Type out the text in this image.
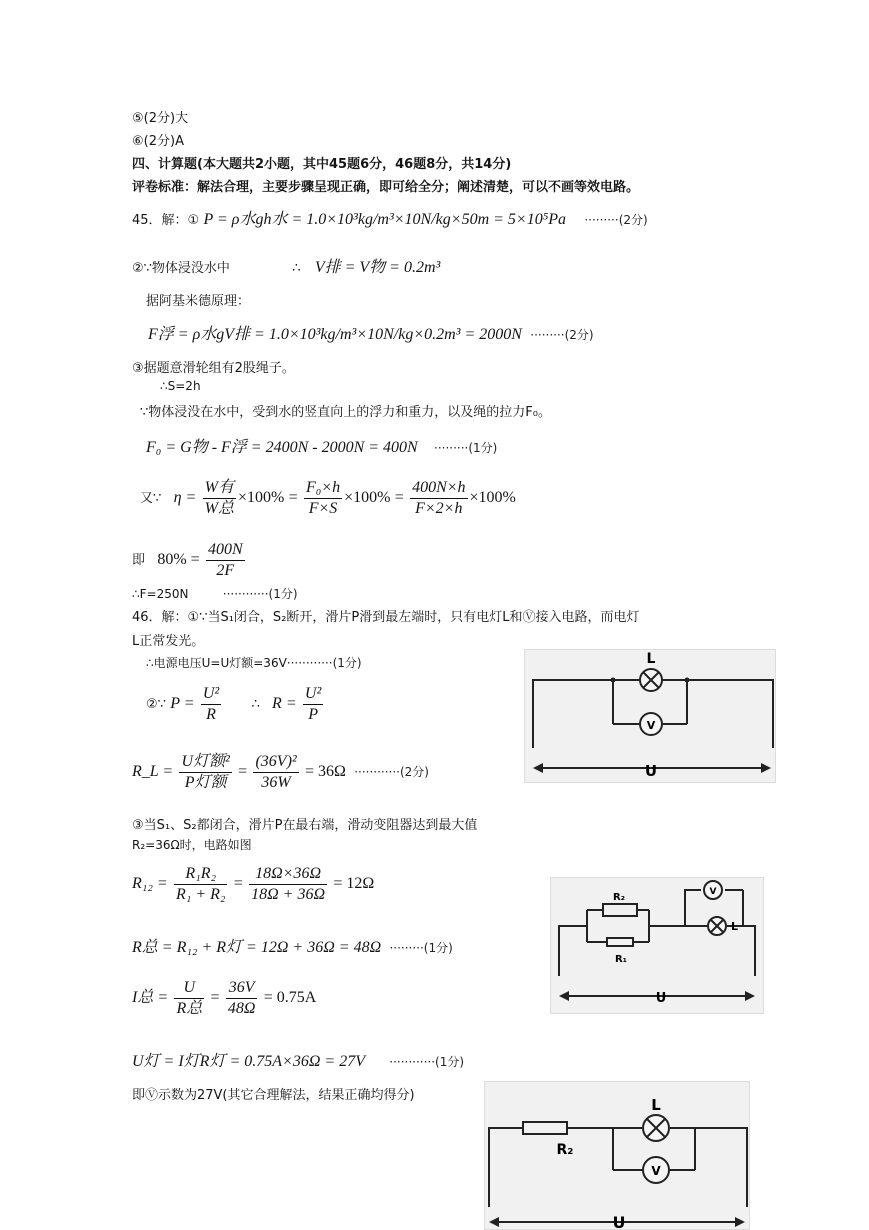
⑤(2分)大
⑥(2分)A
四、计算题(本大题共2小题，其中45题6分，46题8分，共14分)
评卷标准：解法合理，主要步骤呈现正确，即可给全分；阐述清楚，可以不画等效电路。
45．解：① P = ρ水gh水 = 1.0×10³kg/m³×10N/kg×50m = 5×10⁵Pa ·········(2分)
②∵物体浸没水中	∴ V排 = V物 = 0.2m³
据阿基米德原理：
F浮 = ρ水gV排 = 1.0×10³kg/m³×10N/kg×0.2m³ = 2000N ·········(2分)
③据题意滑轮组有2股绳子。
∴S=2h
∵物体浸没在水中，受到水的竖直向上的浮力和重力，以及绳的拉力F₀。
F₀ = G物 - F浮 = 2400N - 2000N = 400N ·········(1分)
又∵ $\eta = \frac{\text{W有}}{\text{W总}} \times 100\% = \frac{\text{F₀×h}}{F\times S} \times 100\% = \frac{400N\times h}{F\times 2\times h} \times 100\%$
即 $80\% = \frac{400N}{2F}$
∴F=250N	············(1分)
46．解：①∵当S₁闭合，S₂断开，滑片P滑到最左端时，只有电灯L和Ⓥ接入电路，而电灯
L正常发光。
∴电源电压U=U灯额=36V············(1分)
②∵ $P = \frac{\text{U²}}{R}$ ∴ $R = \frac{\text{U²}}{P}$
R_L = $\frac{\text{U灯额²}}{\text{P灯额}} = \frac{\text{(36V)²}}{36W} = 36\Omega \cdot\cdot\cdot\cdot\cdot\cdot\cdot\cdot\cdot\cdot\cdot\cdot(2$分)
③当S₁、S₂都闭合，滑片P在最右端，滑动变阻器达到最大值
R₂=36Ω时，电路如图
$R_{12} = \frac{\text{R₁R₂}}{\text{R₁ + R₂}} = \frac{18\Omega\times 36\Omega}{18\Omega + 36\Omega} = 12\Omega$
R总 = R₁₂ + R灯 = 12Ω + 36Ω = 48Ω ·········(1分)
I总 = $\frac{U}{\text{R总}} = \frac{36V}{48\Omega} = 0.75A$
U灯 = I灯R灯 = 0.75A×36Ω = 27V ············(1分)
即Ⓥ示数为27V(其它合理解法，结果正确均得分)
L
V
U
R₂
R₁
L
V
U
L
R₂
V
U
